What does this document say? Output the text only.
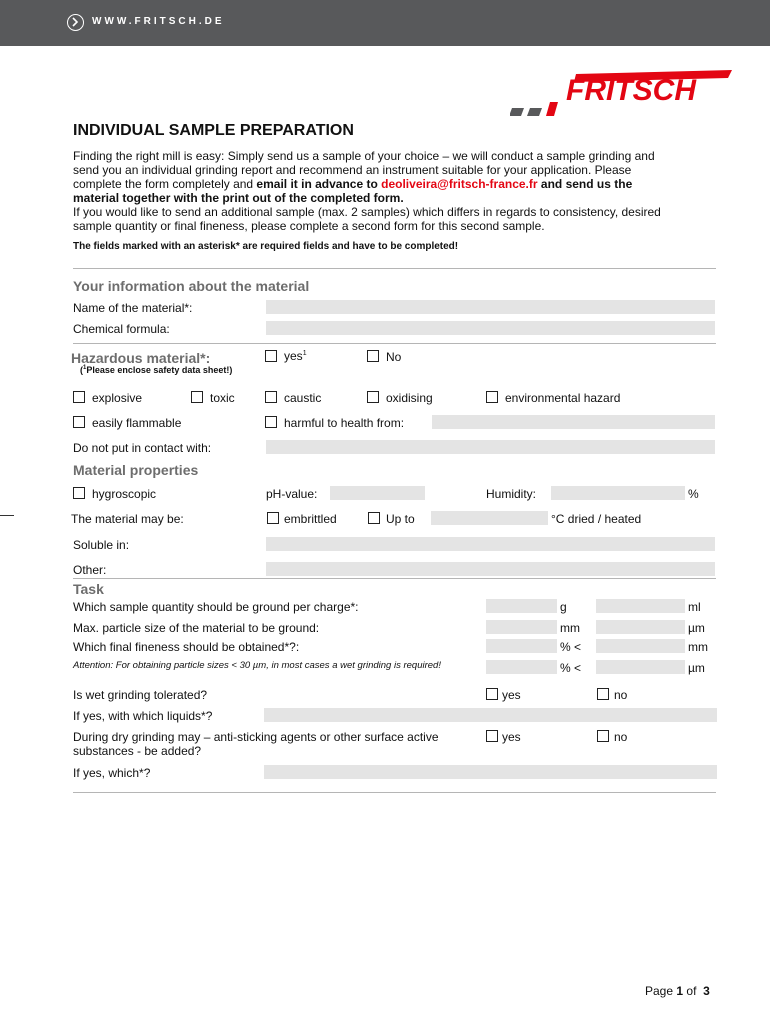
WWW.FRITSCH.DE
FRITSCH
INDIVIDUAL SAMPLE PREPARATION
Finding the right mill is easy: Simply send us a sample of your choice – we will conduct a sample grinding and
send you an individual grinding report and recommend an instrument suitable for your application. Please
complete the form completely and email it in advance to deoliveira@fritsch-france.fr and send us the
material together with the print out of the completed form.
If you would like to send an additional sample (max. 2 samples) which differs in regards to consistency, desired
sample quantity or final fineness, please complete a second form for this second sample.
The fields marked with an asterisk* are required fields and have to be completed!
Your information about the material
Name of the material*:
Chemical formula:
Hazardous material*:	yes$^1$	No
($^1$Please enclose safety data sheet!)
explosive	toxic	caustic	oxidising	environmental hazard
easily flammable	harmful to health from:
Do not put in contact with:
Material properties
hygroscopic	pH-value:	Humidity:	%
The material may be:	embrittled	Up to	°C dried / heated
Soluble in:
Other:
Task
Which sample quantity should be ground per charge*:	g	ml
Max. particle size of the material to be ground:	mm	µm
Which final fineness should be obtained*?:	% <	mm
Attention: For obtaining particle sizes < 30 µm, in most cases a wet grinding is required!	% <	µm
Is wet grinding tolerated?	yes	no
If yes, with which liquids*?
During dry grinding may – anti-sticking agents or other surface active
substances - be added?
yes	no
If yes, which*?
Page 1 of 3
